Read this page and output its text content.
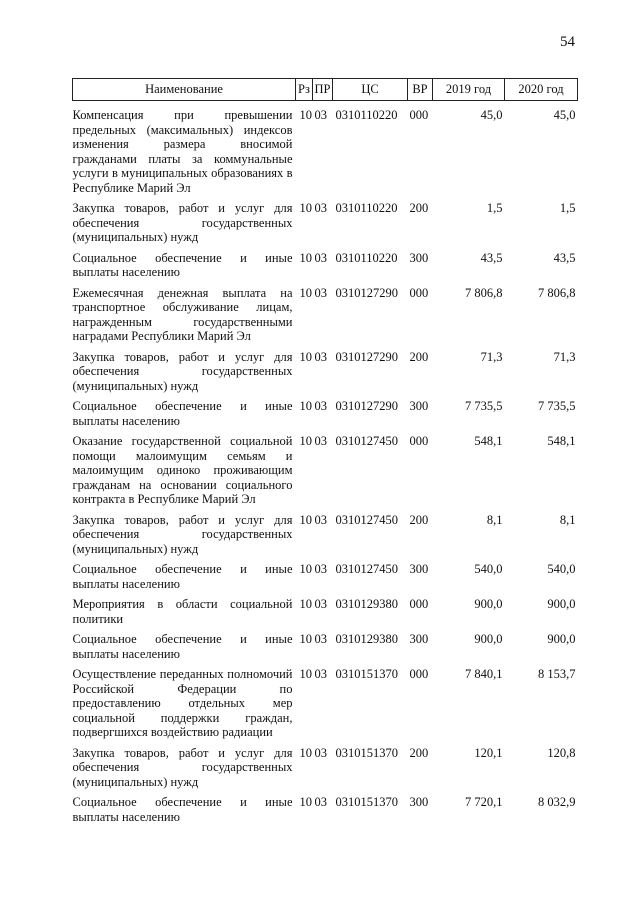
54
Наименование	Рз	ПР	ЦС	ВР	2019 год	2020 год
Компенсация при превышении предельных (максимальных) индексов изменения размера вносимой гражданами платы за коммунальные услуги в муниципальных образованиях в Республике Марий Эл	10	03	0310110220	000	45,0	45,0
Закупка товаров, работ и услуг для обеспечения государственных (муниципальных) нужд	10	03	0310110220	200	1,5	1,5
Социальное обеспечение и иные выплаты населению	10	03	0310110220	300	43,5	43,5
Ежемесячная денежная выплата на транспортное обслуживание лицам, награжденным государственными наградами Республики Марий Эл	10	03	0310127290	000	7 806,8	7 806,8
Закупка товаров, работ и услуг для обеспечения государственных (муниципальных) нужд	10	03	0310127290	200	71,3	71,3
Социальное обеспечение и иные выплаты населению	10	03	0310127290	300	7 735,5	7 735,5
Оказание государственной социальной помощи малоимущим семьям и малоимущим одиноко проживающим гражданам на основании социального контракта в Республике Марий Эл	10	03	0310127450	000	548,1	548,1
Закупка товаров, работ и услуг для обеспечения государственных (муниципальных) нужд	10	03	0310127450	200	8,1	8,1
Социальное обеспечение и иные выплаты населению	10	03	0310127450	300	540,0	540,0
Мероприятия в области социальной политики	10	03	0310129380	000	900,0	900,0
Социальное обеспечение и иные выплаты населению	10	03	0310129380	300	900,0	900,0
Осуществление переданных полномочий Российской Федерации по предоставлению отдельных мер социальной поддержки граждан, подвергшихся воздействию радиации	10	03	0310151370	000	7 840,1	8 153,7
Закупка товаров, работ и услуг для обеспечения государственных (муниципальных) нужд	10	03	0310151370	200	120,1	120,8
Социальное обеспечение и иные выплаты населению	10	03	0310151370	300	7 720,1	8 032,9
